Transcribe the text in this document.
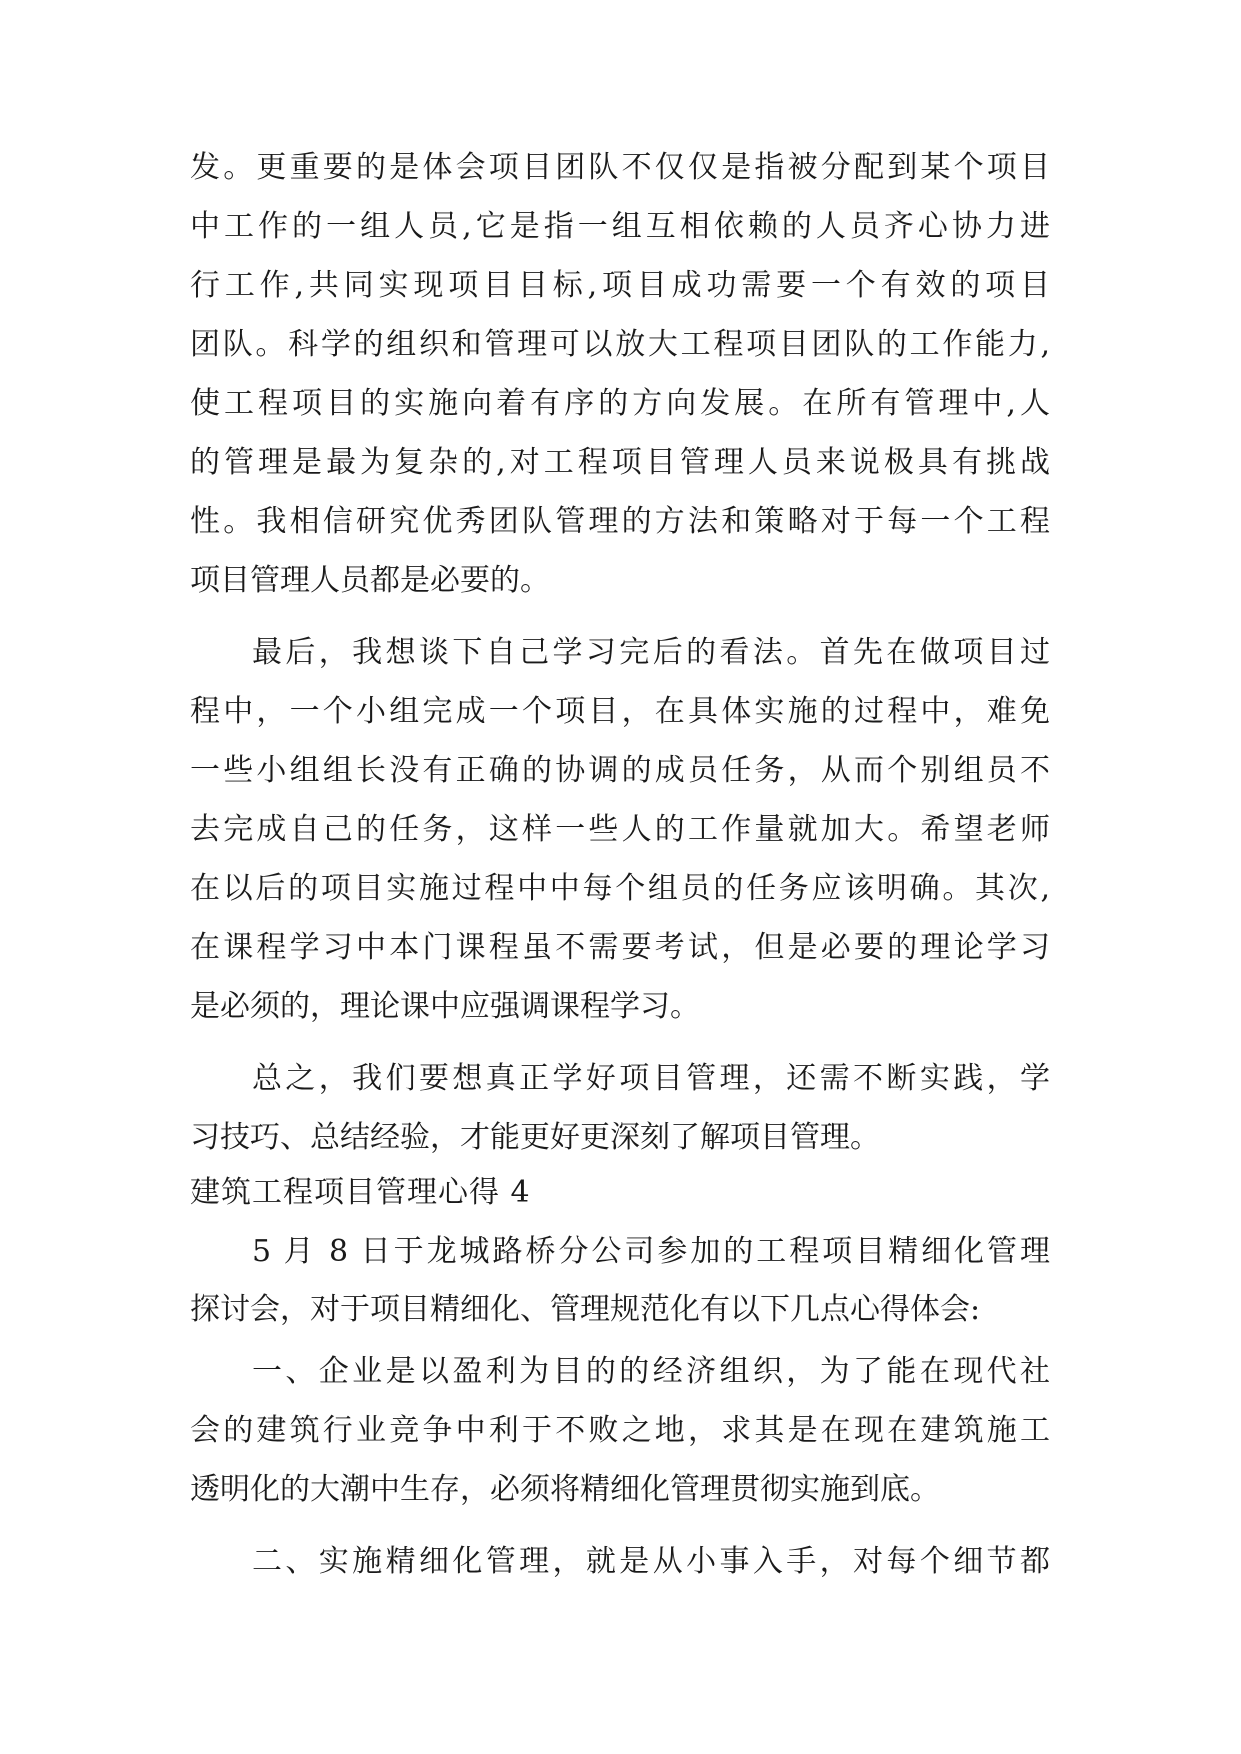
发。更重要的是体会项目团队不仅仅是指被分配到某个项目
中工作的一组人员,它是指一组互相依赖的人员齐心协力进
行工作,共同实现项目目标,项目成功需要一个有效的项目
团队。科学的组织和管理可以放大工程项目团队的工作能力,
使工程项目的实施向着有序的方向发展。在所有管理中,人
的管理是最为复杂的,对工程项目管理人员来说极具有挑战
性。我相信研究优秀团队管理的方法和策略对于每一个工程
项目管理人员都是必要的。
最后，我想谈下自己学习完后的看法。首先在做项目过
程中，一个小组完成一个项目，在具体实施的过程中，难免
一些小组组长没有正确的协调的成员任务，从而个别组员不
去完成自己的任务，这样一些人的工作量就加大。希望老师
在以后的项目实施过程中中每个组员的任务应该明确。其次,
在课程学习中本门课程虽不需要考试，但是必要的理论学习
是必须的，理论课中应强调课程学习。
总之，我们要想真正学好项目管理，还需不断实践，学
习技巧、总结经验，才能更好更深刻了解项目管理。
建筑工程项目管理心得 4
5 月 8 日于龙城路桥分公司参加的工程项目精细化管理
探讨会，对于项目精细化、管理规范化有以下几点心得体会:
一、企业是以盈利为目的的经济组织，为了能在现代社
会的建筑行业竞争中利于不败之地，求其是在现在建筑施工
透明化的大潮中生存，必须将精细化管理贯彻实施到底。
二、实施精细化管理，就是从小事入手，对每个细节都
